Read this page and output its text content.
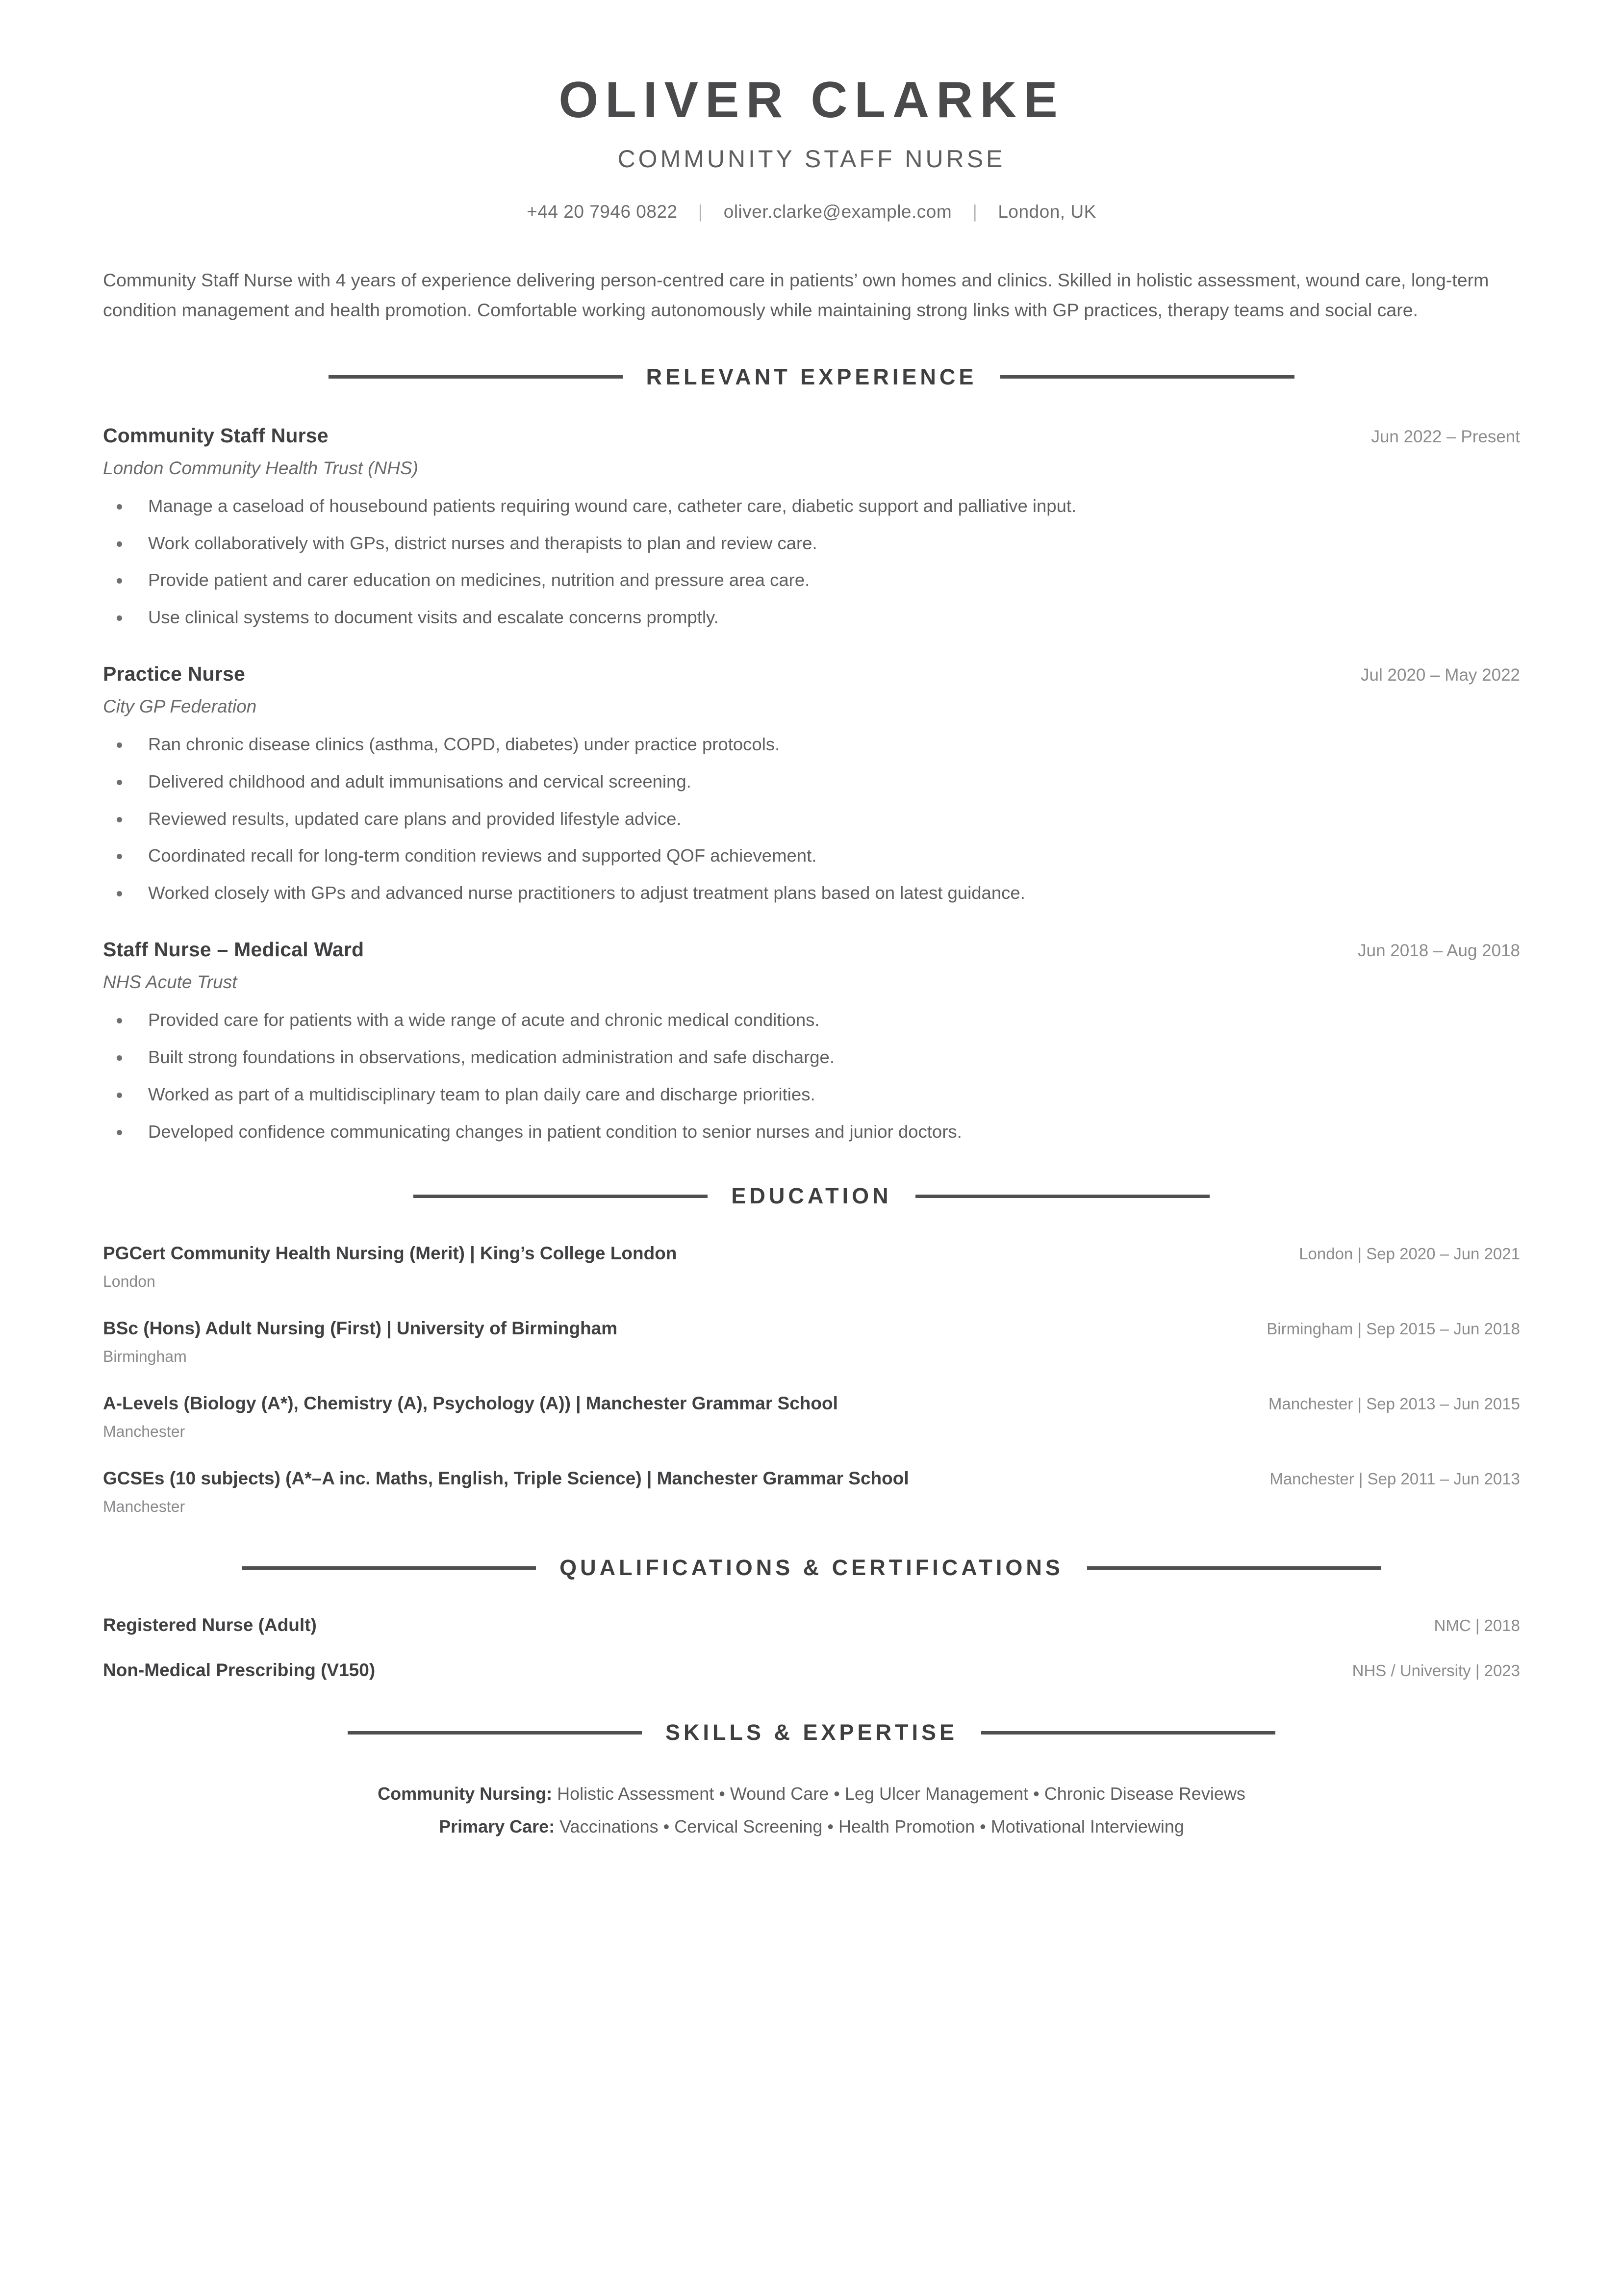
OLIVER CLARKE
COMMUNITY STAFF NURSE
+44 20 7946 0822	|	oliver.clarke@example.com	|	London, UK
Community Staff Nurse with 4 years of experience delivering person-centred care in patients’ own homes and clinics. Skilled in holistic assessment, wound care, long-term condition management and health promotion. Comfortable working autonomously while maintaining strong links with GP practices, therapy teams and social care.
RELEVANT EXPERIENCE
Community Staff Nurse	Jun 2022 – Present
London Community Health Trust (NHS)
Manage a caseload of housebound patients requiring wound care, catheter care, diabetic support and palliative input.
Work collaboratively with GPs, district nurses and therapists to plan and review care.
Provide patient and carer education on medicines, nutrition and pressure area care.
Use clinical systems to document visits and escalate concerns promptly.
Practice Nurse	Jul 2020 – May 2022
City GP Federation
Ran chronic disease clinics (asthma, COPD, diabetes) under practice protocols.
Delivered childhood and adult immunisations and cervical screening.
Reviewed results, updated care plans and provided lifestyle advice.
Coordinated recall for long-term condition reviews and supported QOF achievement.
Worked closely with GPs and advanced nurse practitioners to adjust treatment plans based on latest guidance.
Staff Nurse – Medical Ward	Jun 2018 – Aug 2018
NHS Acute Trust
Provided care for patients with a wide range of acute and chronic medical conditions.
Built strong foundations in observations, medication administration and safe discharge.
Worked as part of a multidisciplinary team to plan daily care and discharge priorities.
Developed confidence communicating changes in patient condition to senior nurses and junior doctors.
EDUCATION
PGCert Community Health Nursing (Merit) | King’s College London	London | Sep 2020 – Jun 2021
London
BSc (Hons) Adult Nursing (First) | University of Birmingham	Birmingham | Sep 2015 – Jun 2018
Birmingham
A-Levels (Biology (A*), Chemistry (A), Psychology (A)) | Manchester Grammar School	Manchester | Sep 2013 – Jun 2015
Manchester
GCSEs (10 subjects) (A*–A inc. Maths, English, Triple Science) | Manchester Grammar School	Manchester | Sep 2011 – Jun 2013
Manchester
QUALIFICATIONS & CERTIFICATIONS
Registered Nurse (Adult)	NMC | 2018
Non-Medical Prescribing (V150)	NHS / University | 2023
SKILLS & EXPERTISE
Community Nursing: Holistic Assessment • Wound Care • Leg Ulcer Management • Chronic Disease Reviews
Primary Care: Vaccinations • Cervical Screening • Health Promotion • Motivational Interviewing
